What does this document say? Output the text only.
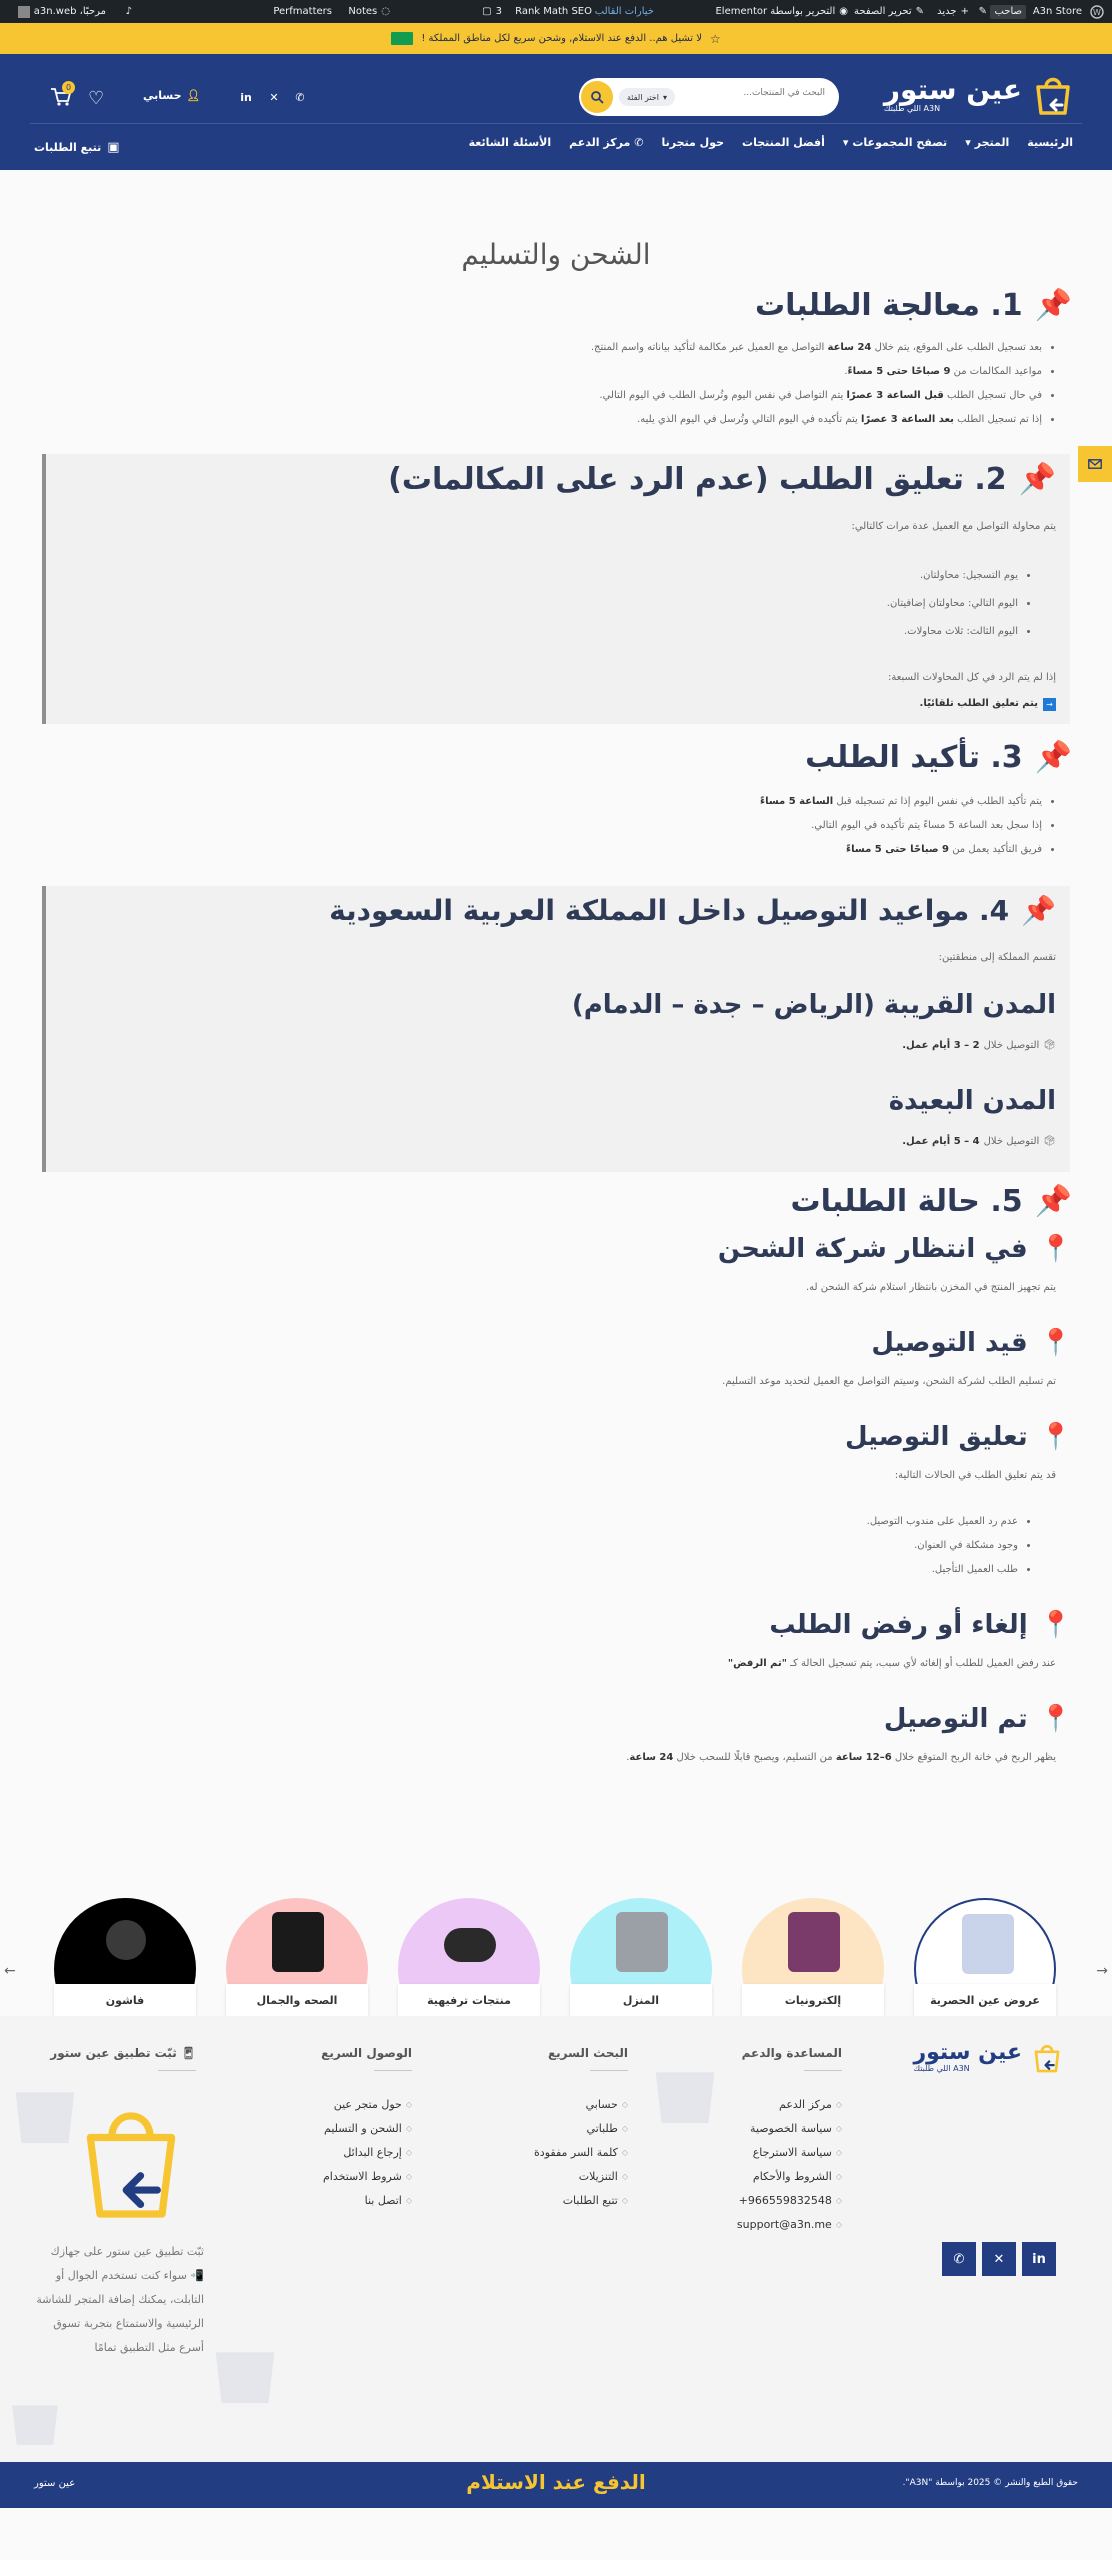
W
A3n Store
صاحب
✎
+
جديد
✎
تحرير الصفحة
◉
التحرير بواسطة Elementor
خيارات القالب
Rank Math SEO
3
▢
◌
Notes
Perfmatters
♪
مرحبًا، a3n.web
☆
لا تشيل هم.. الدفع عند الاستلام, وشحن سريع لكل مناطق المملكة !
عين ستور
A3N اللي طلبتك
البحث في المنتجات...
▾
اختر الفئة
✆
✕
in
👤︎
حسابي
♡
0
الرئيسية
المتجر
▾
تصفح المجموعات
▾
أفضل المنتجات
حول متجرنا
✆
مركز الدعم
الأسئلة الشائعة
▣
تتبع الطلبات
الشحن والتسليم
📌
1. معالجة الطلبات
• بعد تسجيل الطلب على الموقع، يتم خلال 24 ساعة التواصل مع العميل عبر مكالمة لتأكيد بياناته واسم المنتج.
• مواعيد المكالمات من 9 صباحًا حتى 5 مساءً.
• في حال تسجيل الطلب قبل الساعة 3 عصرًا يتم التواصل في نفس اليوم وتُرسل الطلب في اليوم التالي.
• إذا تم تسجيل الطلب بعد الساعة 3 عصرًا يتم تأكيده في اليوم التالي وتُرسل في اليوم الذي يليه.
📌
2. تعليق الطلب (عدم الرد على المكالمات)
يتم محاولة التواصل مع العميل عدة مرات كالتالي:
• يوم التسجيل: محاولتان.
• اليوم التالي: محاولتان إضافيتان.
• اليوم الثالث: ثلاث محاولات.
إذا لم يتم الرد في كل المحاولات السبعة:
→
يتم تعليق الطلب تلقائيًا.
📌
3. تأكيد الطلب
• يتم تأكيد الطلب في نفس اليوم إذا تم تسجيله قبل الساعة 5 مساءً
• إذا سجل بعد الساعة 5 مساءً يتم تأكيده في اليوم التالي.
• فريق التأكيد يعمل من 9 صباحًا حتى 5 مساءً
📌
4. مواعيد التوصيل داخل المملكة العربية السعودية
تقسم المملكة إلى منطقتين:
المدن القريبة (الرياض – جدة – الدمام)
📦︎
التوصيل خلال
2 – 3 أيام عمل.
المدن البعيدة
📦︎
التوصيل خلال
4 – 5 أيام عمل.
📌
5. حالة الطلبات
📍
في انتظار شركة الشحن
يتم تجهيز المنتج في المخزن بانتظار استلام شركة الشحن له.
📍
قيد التوصيل
تم تسليم الطلب لشركة الشحن، وسيتم التواصل مع العميل لتحديد موعد التسليم.
📍
تعليق التوصيل
قد يتم تعليق الطلب في الحالات التالية:
• عدم رد العميل على مندوب التوصيل.
• وجود مشكلة في العنوان.
• طلب العميل التأجيل.
📍
إلغاء أو رفض الطلب
عند رفض العميل للطلب أو إلغائه لأي سبب، يتم تسجيل الحالة كـ "تم الرفض"
📍
تم التوصيل
يظهر الربح في خانة الربح المتوقع خلال 6–12 ساعة من التسليم، ويصبح قابلًا للسحب خلال 24 ساعة.
عروض عين الحصرية
إلكترونيات
المنزل
منتجات ترفيهية
الصحه والجمال
فاشون
←	→
عين ستور
A3N اللي طلبتك
المساعدة والدعم
◇
مركز الدعم
◇
سياسة الخصوصية
◇
سياسة الاسترجاع
◇
الشروط والأحكام
◇
+966559832548
◇
support@a3n.me
البحث السريع
◇
حسابي
◇
طلباتي
◇
كلمة السر مفقودة
◇
التنزيلات
◇
تتبع الطلبات
الوصول السريع
◇
حول متجر عين
◇
الشحن و التسليم
◇
إرجاع البدائل
◇
شروط الاستخدام
◇
اتصل بنا
📱︎
ثبّت تطبيق عين ستور
ثبّت تطبيق عين ستور على جهازك 📲 سواء كنت تستخدم الجوال أو التابلت، يمكنك إضافة المتجر للشاشة الرئيسية والاستمتاع بتجربة تسوق أسرع مثل التطبيق تمامًا
in
✕
✆
حقوق الطبع والنشر © 2025 بواسطة "A3N".
الدفع عند الاستلام
عين ستور
